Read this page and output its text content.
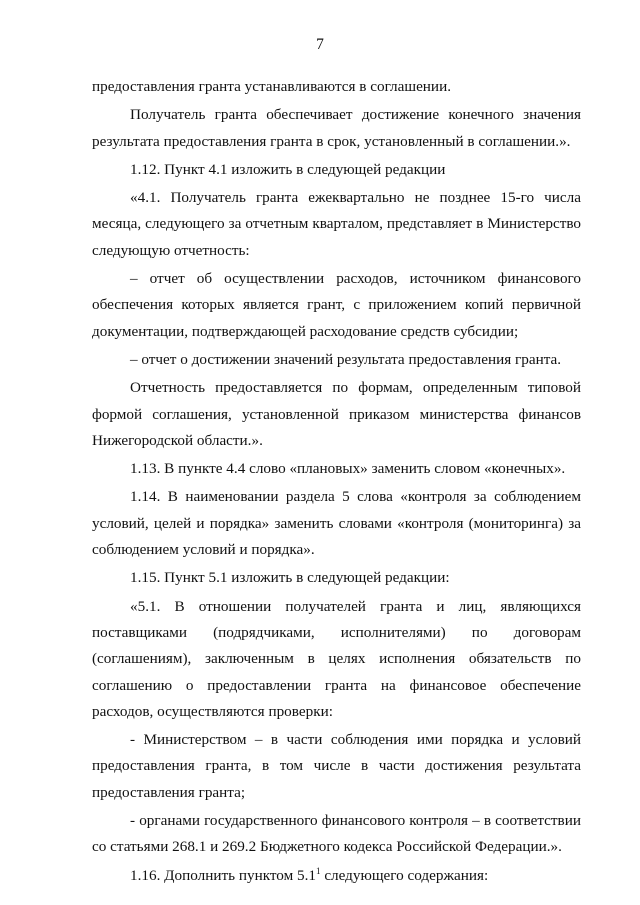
7
предоставления гранта устанавливаются в соглашении.
Получатель гранта обеспечивает достижение конечного значения
результата предоставления гранта в срок, установленный в соглашении.».
1.12. Пункт 4.1 изложить в следующей редакции
«4.1. Получатель гранта ежеквартально не позднее 15-го числа
месяца, следующего за отчетным кварталом, представляет в Министерство
следующую отчетность:
– отчет об осуществлении расходов, источником финансового
обеспечения которых является грант, с приложением копий первичной
документации, подтверждающей расходование средств субсидии;
– отчет о достижении значений результата предоставления гранта.
Отчетность предоставляется по формам, определенным типовой
формой соглашения, установленной приказом министерства финансов
Нижегородской области.».
1.13. В пункте 4.4 слово «плановых» заменить словом «конечных».
1.14. В наименовании раздела 5 слова «контроля за соблюдением
условий, целей и порядка» заменить словами «контроля (мониторинга) за
соблюдением условий и порядка».
1.15. Пункт 5.1 изложить в следующей редакции:
«5.1. В отношении получателей гранта и лиц, являющихся
поставщиками (подрядчиками, исполнителями) по договорам
(соглашениям), заключенным в целях исполнения обязательств по
соглашению о предоставлении гранта на финансовое обеспечение
расходов, осуществляются проверки:
- Министерством – в части соблюдения ими порядка и условий
предоставления гранта, в том числе в части достижения результата
предоставления гранта;
- органами государственного финансового контроля – в соответствии
со статьями 268.1 и 269.2 Бюджетного кодекса Российской Федерации.».
1.16. Дополнить пунктом $5.1^1$ следующего содержания:
